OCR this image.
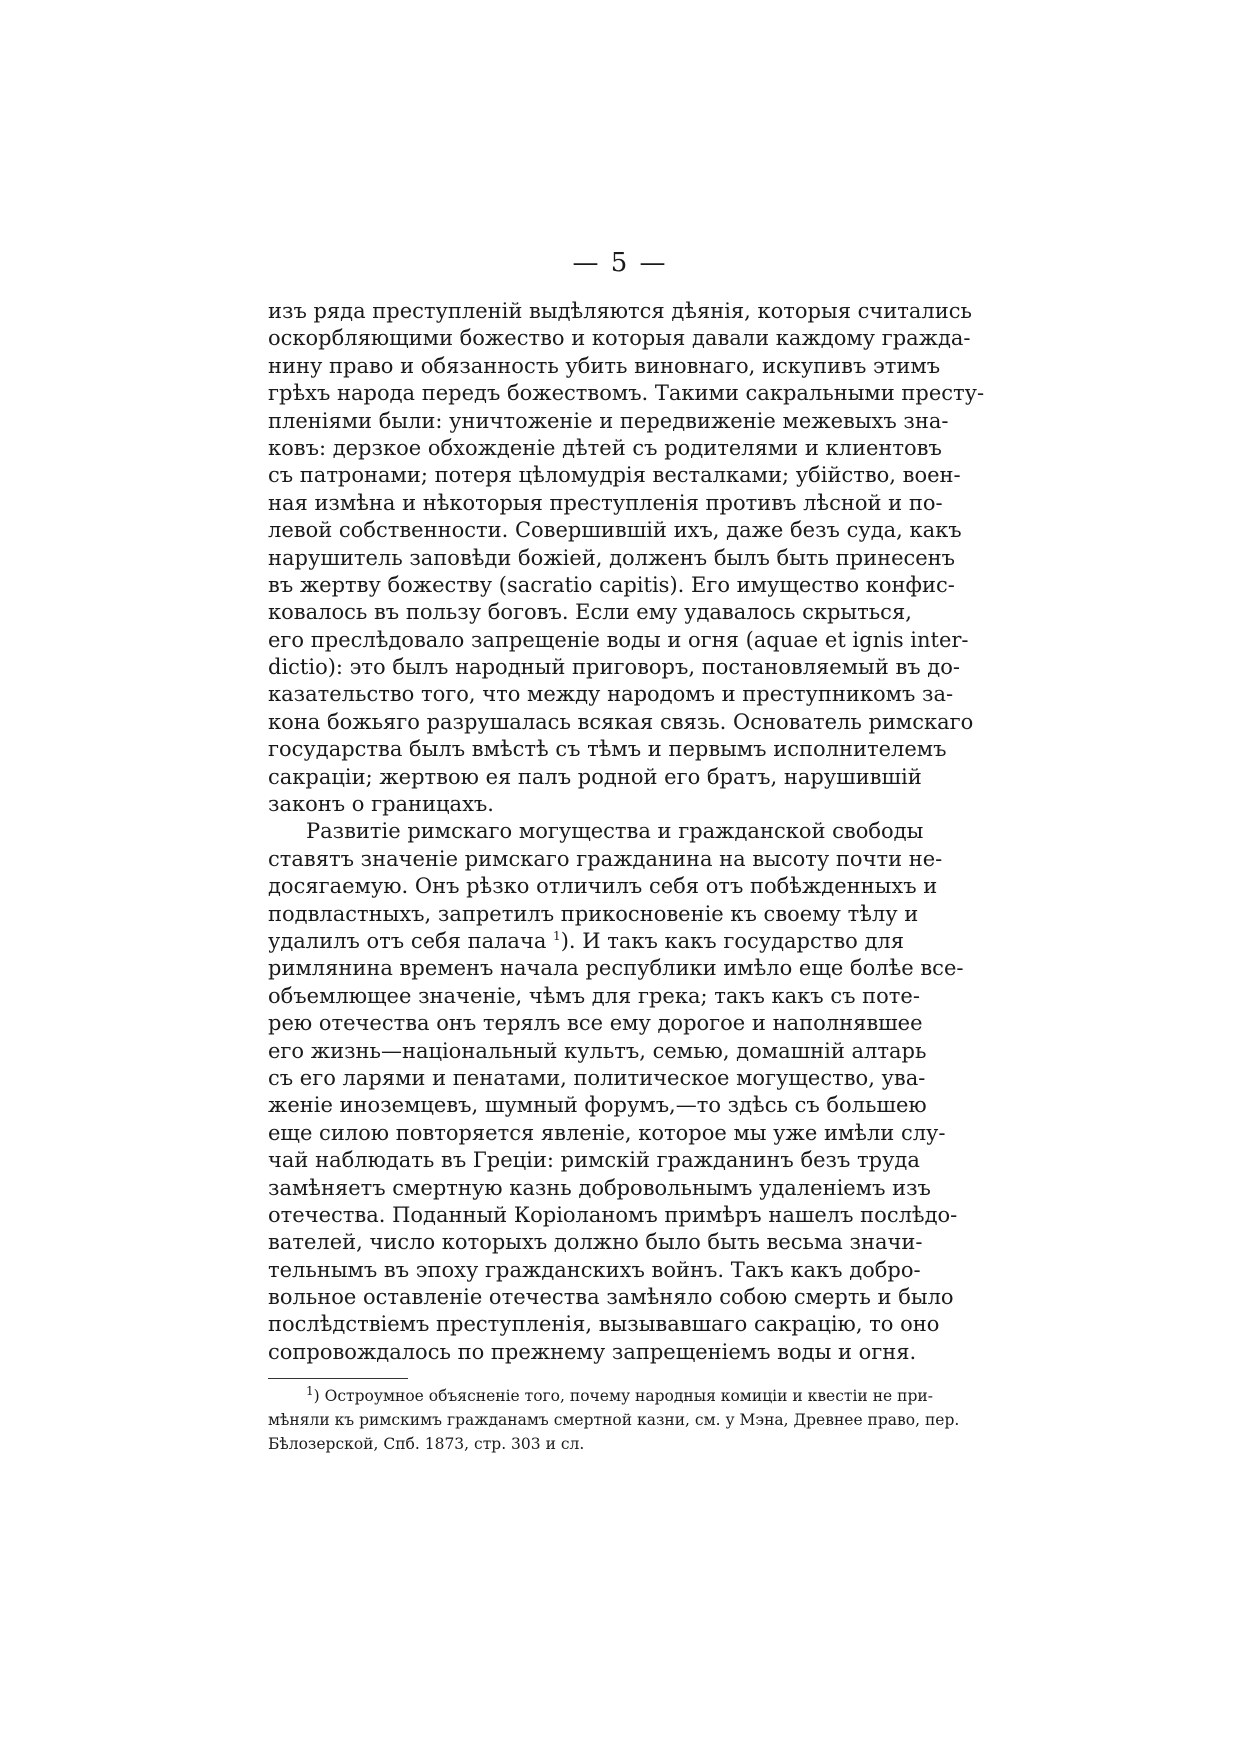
— 5 —
изъ ряда преступленій выдѣляются дѣянія, которыя считались
оскорбляющими божество и которыя давали каждому гражда-
нину право и обязанность убить виновнаго, искупивъ этимъ
грѣхъ народа передъ божествомъ. Такими сакральными престу-
пленіями были: уничтоженіе и передвиженіе межевыхъ зна-
ковъ: дерзкое обхожденіе дѣтей съ родителями и клиентовъ
съ патронами; потеря цѣломудрія весталками; убійство, воен-
ная измѣна и нѣкоторыя преступленія противъ лѣсной и по-
левой собственности. Совершившій ихъ, даже безъ суда, какъ
нарушитель заповѣди божіей, долженъ былъ быть принесенъ
въ жертву божеству (sacratio capitis). Его имущество конфис-
ковалось въ пользу боговъ. Если ему удавалось скрыться,
его преслѣдовало запрещеніе воды и огня (aquae et ignis inter-
dictio): это былъ народный приговоръ, постановляемый въ до-
казательство того, что между народомъ и преступникомъ за-
кона божьяго разрушалась всякая связь. Основатель римскаго
государства былъ вмѣстѣ съ тѣмъ и первымъ исполнителемъ
сакраціи; жертвою ея палъ родной его братъ, нарушившій
законъ о границахъ.
Развитіе римскаго могущества и гражданской свободы
ставятъ значеніе римскаго гражданина на высоту почти не-
досягаемую. Онъ рѣзко отличилъ себя отъ побѣжденныхъ и
подвластныхъ, запретилъ прикосновеніе къ своему тѣлу и
удалилъ отъ себя палача $^1$). И такъ какъ государство для
римлянина временъ начала республики имѣло еще болѣе все-
объемлющее значеніе, чѣмъ для грека; такъ какъ съ поте-
рею отечества онъ терялъ все ему дорогое и наполнявшее
его жизнь—національный культъ, семью, домашній алтарь
съ его ларями и пенатами, политическое могущество, ува-
женіе иноземцевъ, шумный форумъ,—то здѣсь съ большею
еще силою повторяется явленіе, которое мы уже имѣли слу-
чай наблюдать въ Греціи: римскій гражданинъ безъ труда
замѣняетъ смертную казнь добровольнымъ удаленіемъ изъ
отечества. Поданный Коріоланомъ примѣръ нашелъ послѣдо-
вателей, число которыхъ должно было быть весьма значи-
тельнымъ въ эпоху гражданскихъ войнъ. Такъ какъ добро-
вольное оставленіе отечества замѣняло собою смерть и было
послѣдствіемъ преступленія, вызывавшаго сакрацію, то оно
сопровождалось по прежнему запрещеніемъ воды и огня.
$^1$) Остроумное объясненіе того, почему народныя комиціи и квестіи не при-
мѣняли къ римскимъ гражданамъ смертной казни, см. у Мэна, Древнее право, пер.
Бѣлозерской, Спб. 1873, стр. 303 и сл.
